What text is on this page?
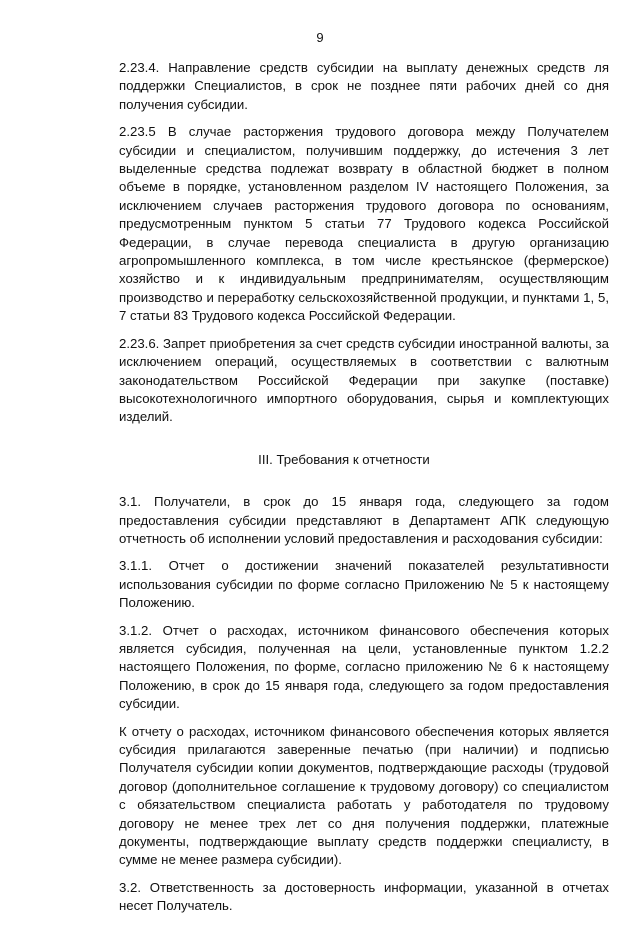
9

2.23.4. Направление средств субсидии на выплату денежных средств ля поддержки Специалистов, в срок не позднее пяти рабочих дней со дня получения субсидии.

2.23.5 В случае расторжения трудового договора между Получателем субсидии и специалистом, получившим поддержку, до истечения 3 лет выделенные средства подлежат возврату в областной бюджет в полном объеме в порядке, установленном разделом IV настоящего Положения, за исключением случаев расторжения трудового договора по основаниям, предусмотренным пунктом 5 статьи 77 Трудового кодекса Российской Федерации, в случае перевода специалиста в другую организацию агропромышленного комплекса, в том числе крестьянское (фермерское) хозяйство и к индивидуальным предпринимателям, осуществляющим производство и переработку сельскохозяйственной продукции, и пунктами 1, 5, 7 статьи 83 Трудового кодекса Российской Федерации.

2.23.6. Запрет приобретения за счет средств субсидии иностранной валюты, за исключением операций, осуществляемых в соответствии с валютным законодательством Российской Федерации при закупке (поставке) высокотехнологичного импортного оборудования, сырья и комплектующих изделий.

III. Требования к отчетности

3.1. Получатели, в срок до 15 января года, следующего за годом предоставления субсидии представляют в Департамент АПК следующую отчетность об исполнении условий предоставления и расходования субсидии:

3.1.1. Отчет о достижении значений показателей результативности использования субсидии по форме согласно Приложению № 5 к настоящему Положению.

3.1.2. Отчет о расходах, источником финансового обеспечения которых является субсидия, полученная на цели, установленные пунктом 1.2.2 настоящего Положения, по форме, согласно приложению № 6 к настоящему Положению, в срок до 15 января года, следующего за годом предоставления субсидии.

К отчету о расходах, источником финансового обеспечения которых является субсидия прилагаются заверенные печатью (при наличии) и подписью Получателя субсидии копии документов, подтверждающие расходы (трудовой договор (дополнительное соглашение к трудовому договору) со специалистом с обязательством специалиста работать у работодателя по трудовому договору не менее трех лет со дня получения поддержки, платежные документы, подтверждающие выплату средств поддержки специалисту, в сумме не менее размера субсидии).

3.2. Ответственность за достоверность информации, указанной в отчетах несет Получатель.
